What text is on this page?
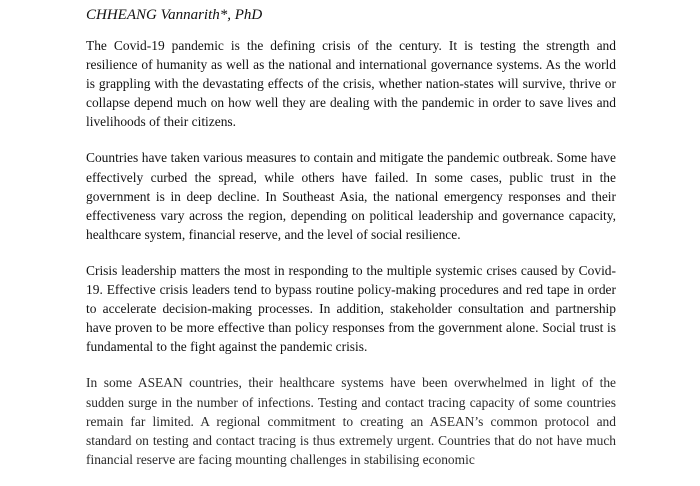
CHHEANG Vannarith*, PhD

The Covid-19 pandemic is the defining crisis of the century. It is testing the strength and resilience of humanity as well as the national and international governance systems. As the world is grappling with the devastating effects of the crisis, whether nation-states will survive, thrive or collapse depend much on how well they are dealing with the pandemic in order to save lives and livelihoods of their citizens.

Countries have taken various measures to contain and mitigate the pandemic outbreak. Some have effectively curbed the spread, while others have failed. In some cases, public trust in the government is in deep decline. In Southeast Asia, the national emergency responses and their effectiveness vary across the region, depending on political leadership and governance capacity, healthcare system, financial reserve, and the level of social resilience.

Crisis leadership matters the most in responding to the multiple systemic crises caused by Covid-19. Effective crisis leaders tend to bypass routine policy-making procedures and red tape in order to accelerate decision-making processes. In addition, stakeholder consultation and partnership have proven to be more effective than policy responses from the government alone. Social trust is fundamental to the fight against the pandemic crisis.

In some ASEAN countries, their healthcare systems have been overwhelmed in light of the sudden surge in the number of infections. Testing and contact tracing capacity of some countries remain far limited. A regional commitment to creating an ASEAN’s common protocol and standard on testing and contact tracing is thus extremely urgent. Countries that do not have much financial reserve are facing mounting challenges in stabilising economic
